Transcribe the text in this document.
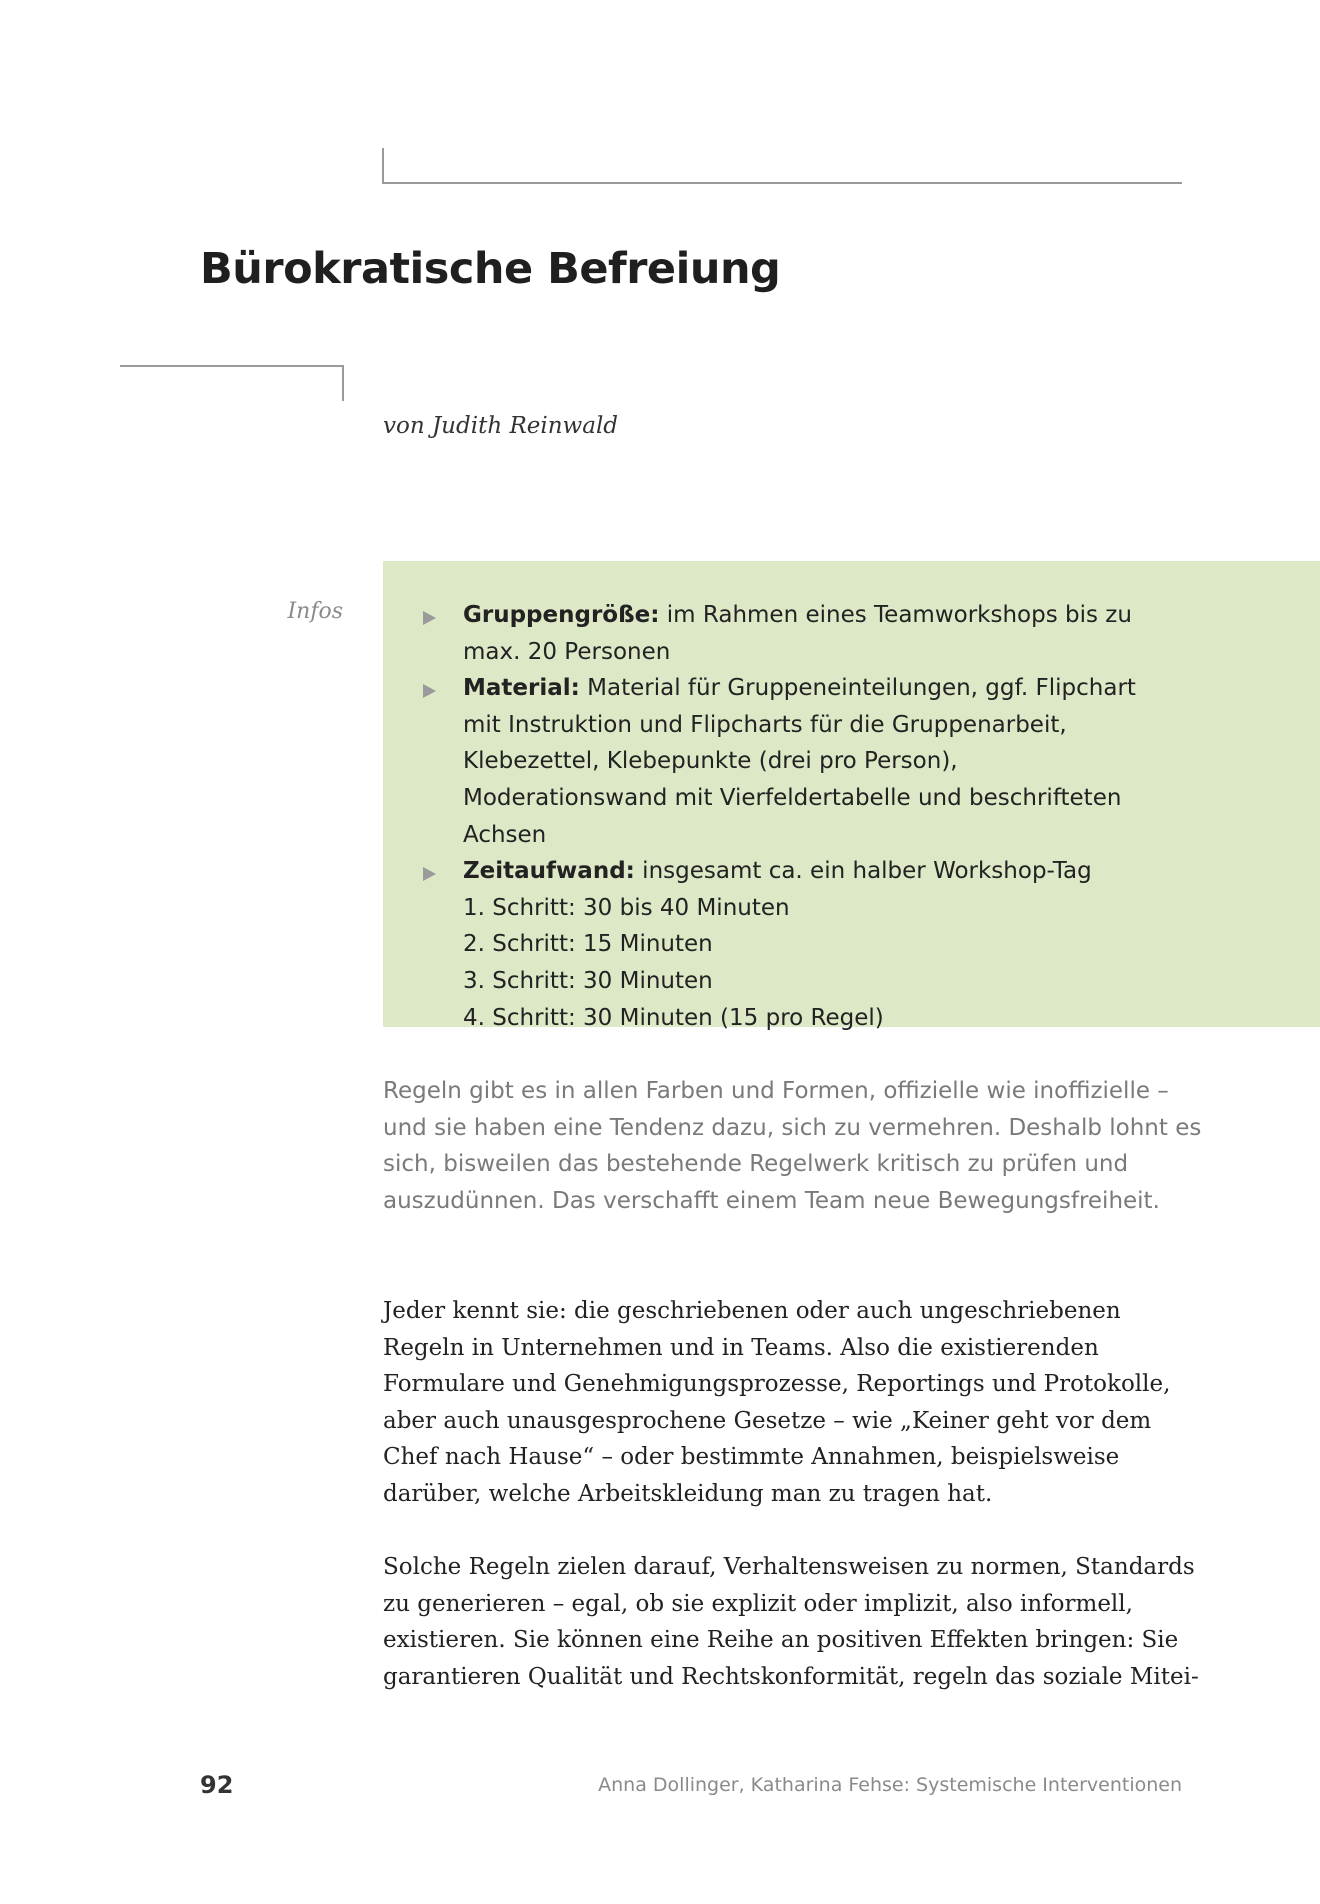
Bürokratische Befreiung

von Judith Reinwald

Infos	Gruppengröße: im Rahmen eines Teamworkshops bis zu max. 20 Personen
Material: Material für Gruppeneinteilungen, ggf. Flipchart mit Instruktion und Flipcharts für die Gruppenarbeit, Klebezettel, Klebepunkte (drei pro Person), Moderationswand mit Vierfeldertabelle und beschrifteten Achsen
Zeitaufwand: insgesamt ca. ein halber Workshop-Tag
1. Schritt: 30 bis 40 Minuten
2. Schritt: 15 Minuten
3. Schritt: 30 Minuten
4. Schritt: 30 Minuten (15 pro Regel)

Regeln gibt es in allen Farben und Formen, offizielle wie inoffizielle – und sie haben eine Tendenz dazu, sich zu vermehren. Deshalb lohnt es sich, bisweilen das bestehende Regelwerk kritisch zu prüfen und auszudünnen. Das verschafft einem Team neue Bewegungsfreiheit.

Jeder kennt sie: die geschriebenen oder auch ungeschriebenen Regeln in Unternehmen und in Teams. Also die existierenden Formulare und Genehmigungsprozesse, Reportings und Protokolle, aber auch unausgesprochene Gesetze – wie „Keiner geht vor dem Chef nach Hause“ – oder bestimmte Annahmen, beispielsweise darüber, welche Arbeitskleidung man zu tragen hat.

Solche Regeln zielen darauf, Verhaltensweisen zu normen, Standards zu generieren – egal, ob sie explizit oder implizit, also informell, existieren. Sie können eine Reihe an positiven Effekten bringen: Sie garantieren Qualität und Rechtskonformität, regeln das soziale Mitei-

92	Anna Dollinger, Katharina Fehse: Systemische Interventionen
